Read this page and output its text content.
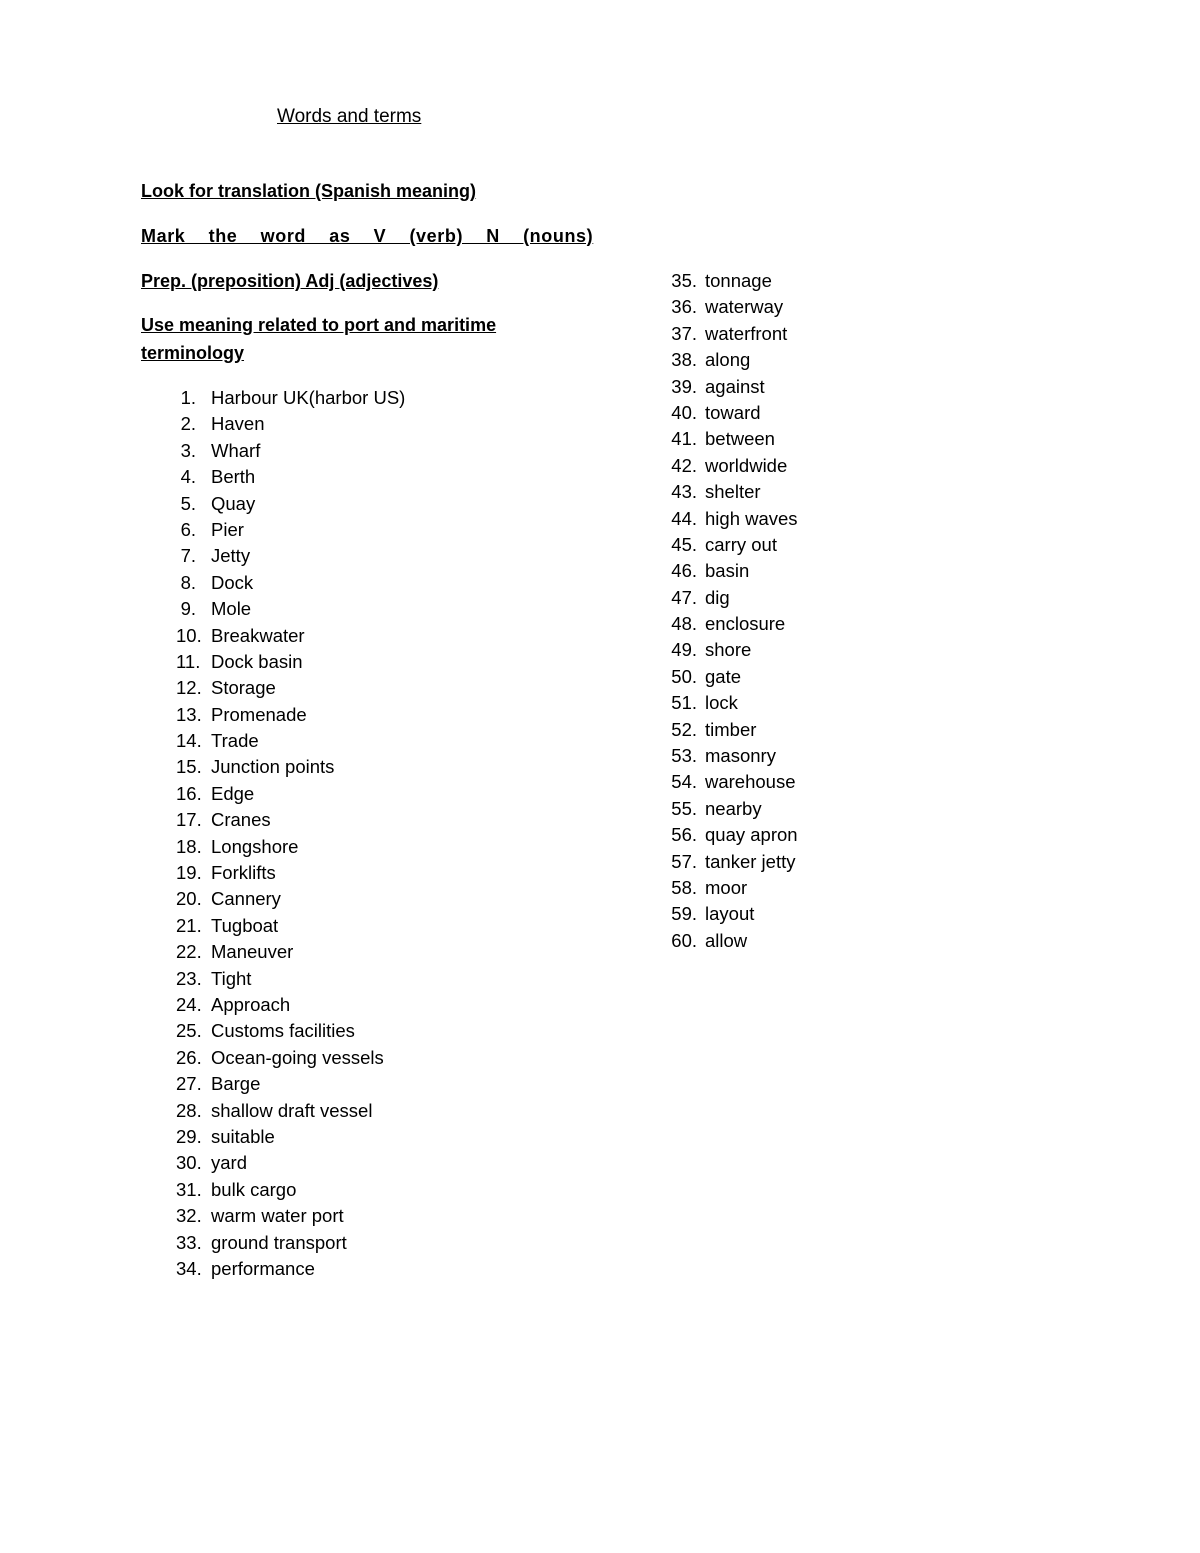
Words and terms
Look for translation (Spanish meaning)
Mark  the  word  as  V  (verb)  N  (nouns)
Prep. (preposition) Adj (adjectives)
Use meaning related to port and maritime
terminology
1. Harbour UK(harbor US)
2. Haven
3. Wharf
4. Berth
5. Quay
6. Pier
7. Jetty
8. Dock
9. Mole
10. Breakwater
11. Dock basin
12. Storage
13. Promenade
14. Trade
15. Junction points
16. Edge
17. Cranes
18. Longshore
19. Forklifts
20. Cannery
21. Tugboat
22. Maneuver
23. Tight
24. Approach
25. Customs facilities
26. Ocean-going vessels
27. Barge
28. shallow draft vessel
29. suitable
30. yard
31. bulk cargo
32. warm water port
33. ground transport
34. performance
35. tonnage
36. waterway
37. waterfront
38. along
39. against
40. toward
41. between
42. worldwide
43. shelter
44. high waves
45. carry out
46. basin
47. dig
48. enclosure
49. shore
50. gate
51. lock
52. timber
53. masonry
54. warehouse
55. nearby
56. quay apron
57. tanker jetty
58. moor
59. layout
60. allow
